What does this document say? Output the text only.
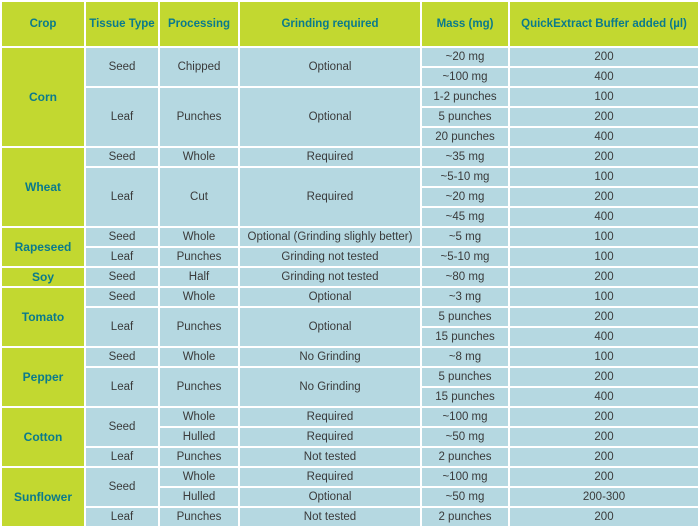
Crop	Tissue Type	Processing	Grinding required	Mass (mg)	QuickExtract Buffer added (µl)
Corn	Seed	Chipped	Optional	~20 mg	200
				~100 mg	400
	Leaf	Punches	Optional	1-2 punches	100
				5 punches	200
				20 punches	400
Wheat	Seed	Whole	Required	~35 mg	200
	Leaf	Cut	Required	~5-10 mg	100
				~20 mg	200
				~45 mg	400
Rapeseed	Seed	Whole	Optional (Grinding slighly better)	~5 mg	100
	Leaf	Punches	Grinding not tested	~5-10 mg	100
Soy	Seed	Half	Grinding not tested	~80 mg	200
Tomato	Seed	Whole	Optional	~3 mg	100
	Leaf	Punches	Optional	5 punches	200
				15 punches	400
Pepper	Seed	Whole	No Grinding	~8 mg	100
	Leaf	Punches	No Grinding	5 punches	200
				15 punches	400
Cotton	Seed	Whole	Required	~100 mg	200
		Hulled	Required	~50 mg	200
	Leaf	Punches	Not tested	2 punches	200
Sunflower	Seed	Whole	Required	~100 mg	200
		Hulled	Optional	~50 mg	200-300
	Leaf	Punches	Not tested	2 punches	200
